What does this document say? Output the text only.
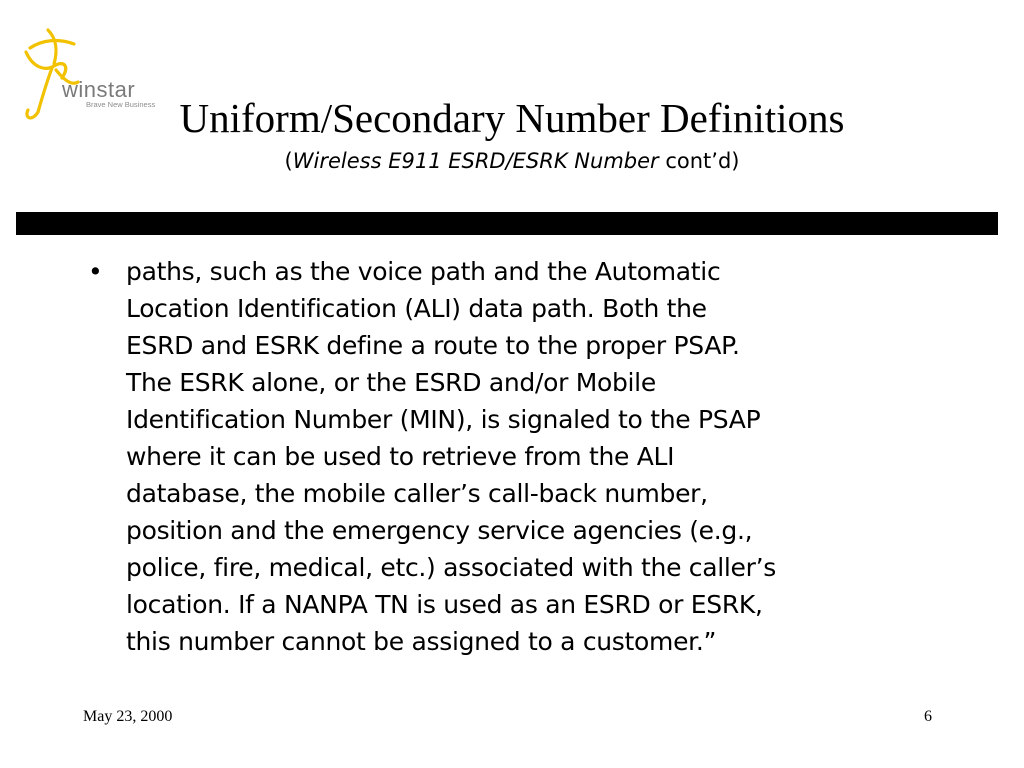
winstar
Brave New Business Uniform/Secondary Number Definitions
(Wireless E911 ESRD/ESRK Number cont’d)
• paths, such as the voice path and the Automatic
Location Identification (ALI) data path. Both the
ESRD and ESRK define a route to the proper PSAP.
The ESRK alone, or the ESRD and/or Mobile
Identification Number (MIN), is signaled to the PSAP
where it can be used to retrieve from the ALI
database, the mobile caller’s call-back number,
position and the emergency service agencies (e.g.,
police, fire, medical, etc.) associated with the caller’s
location. If a NANPA TN is used as an ESRD or ESRK,
this number cannot be assigned to a customer.”
May 23, 2000	6
